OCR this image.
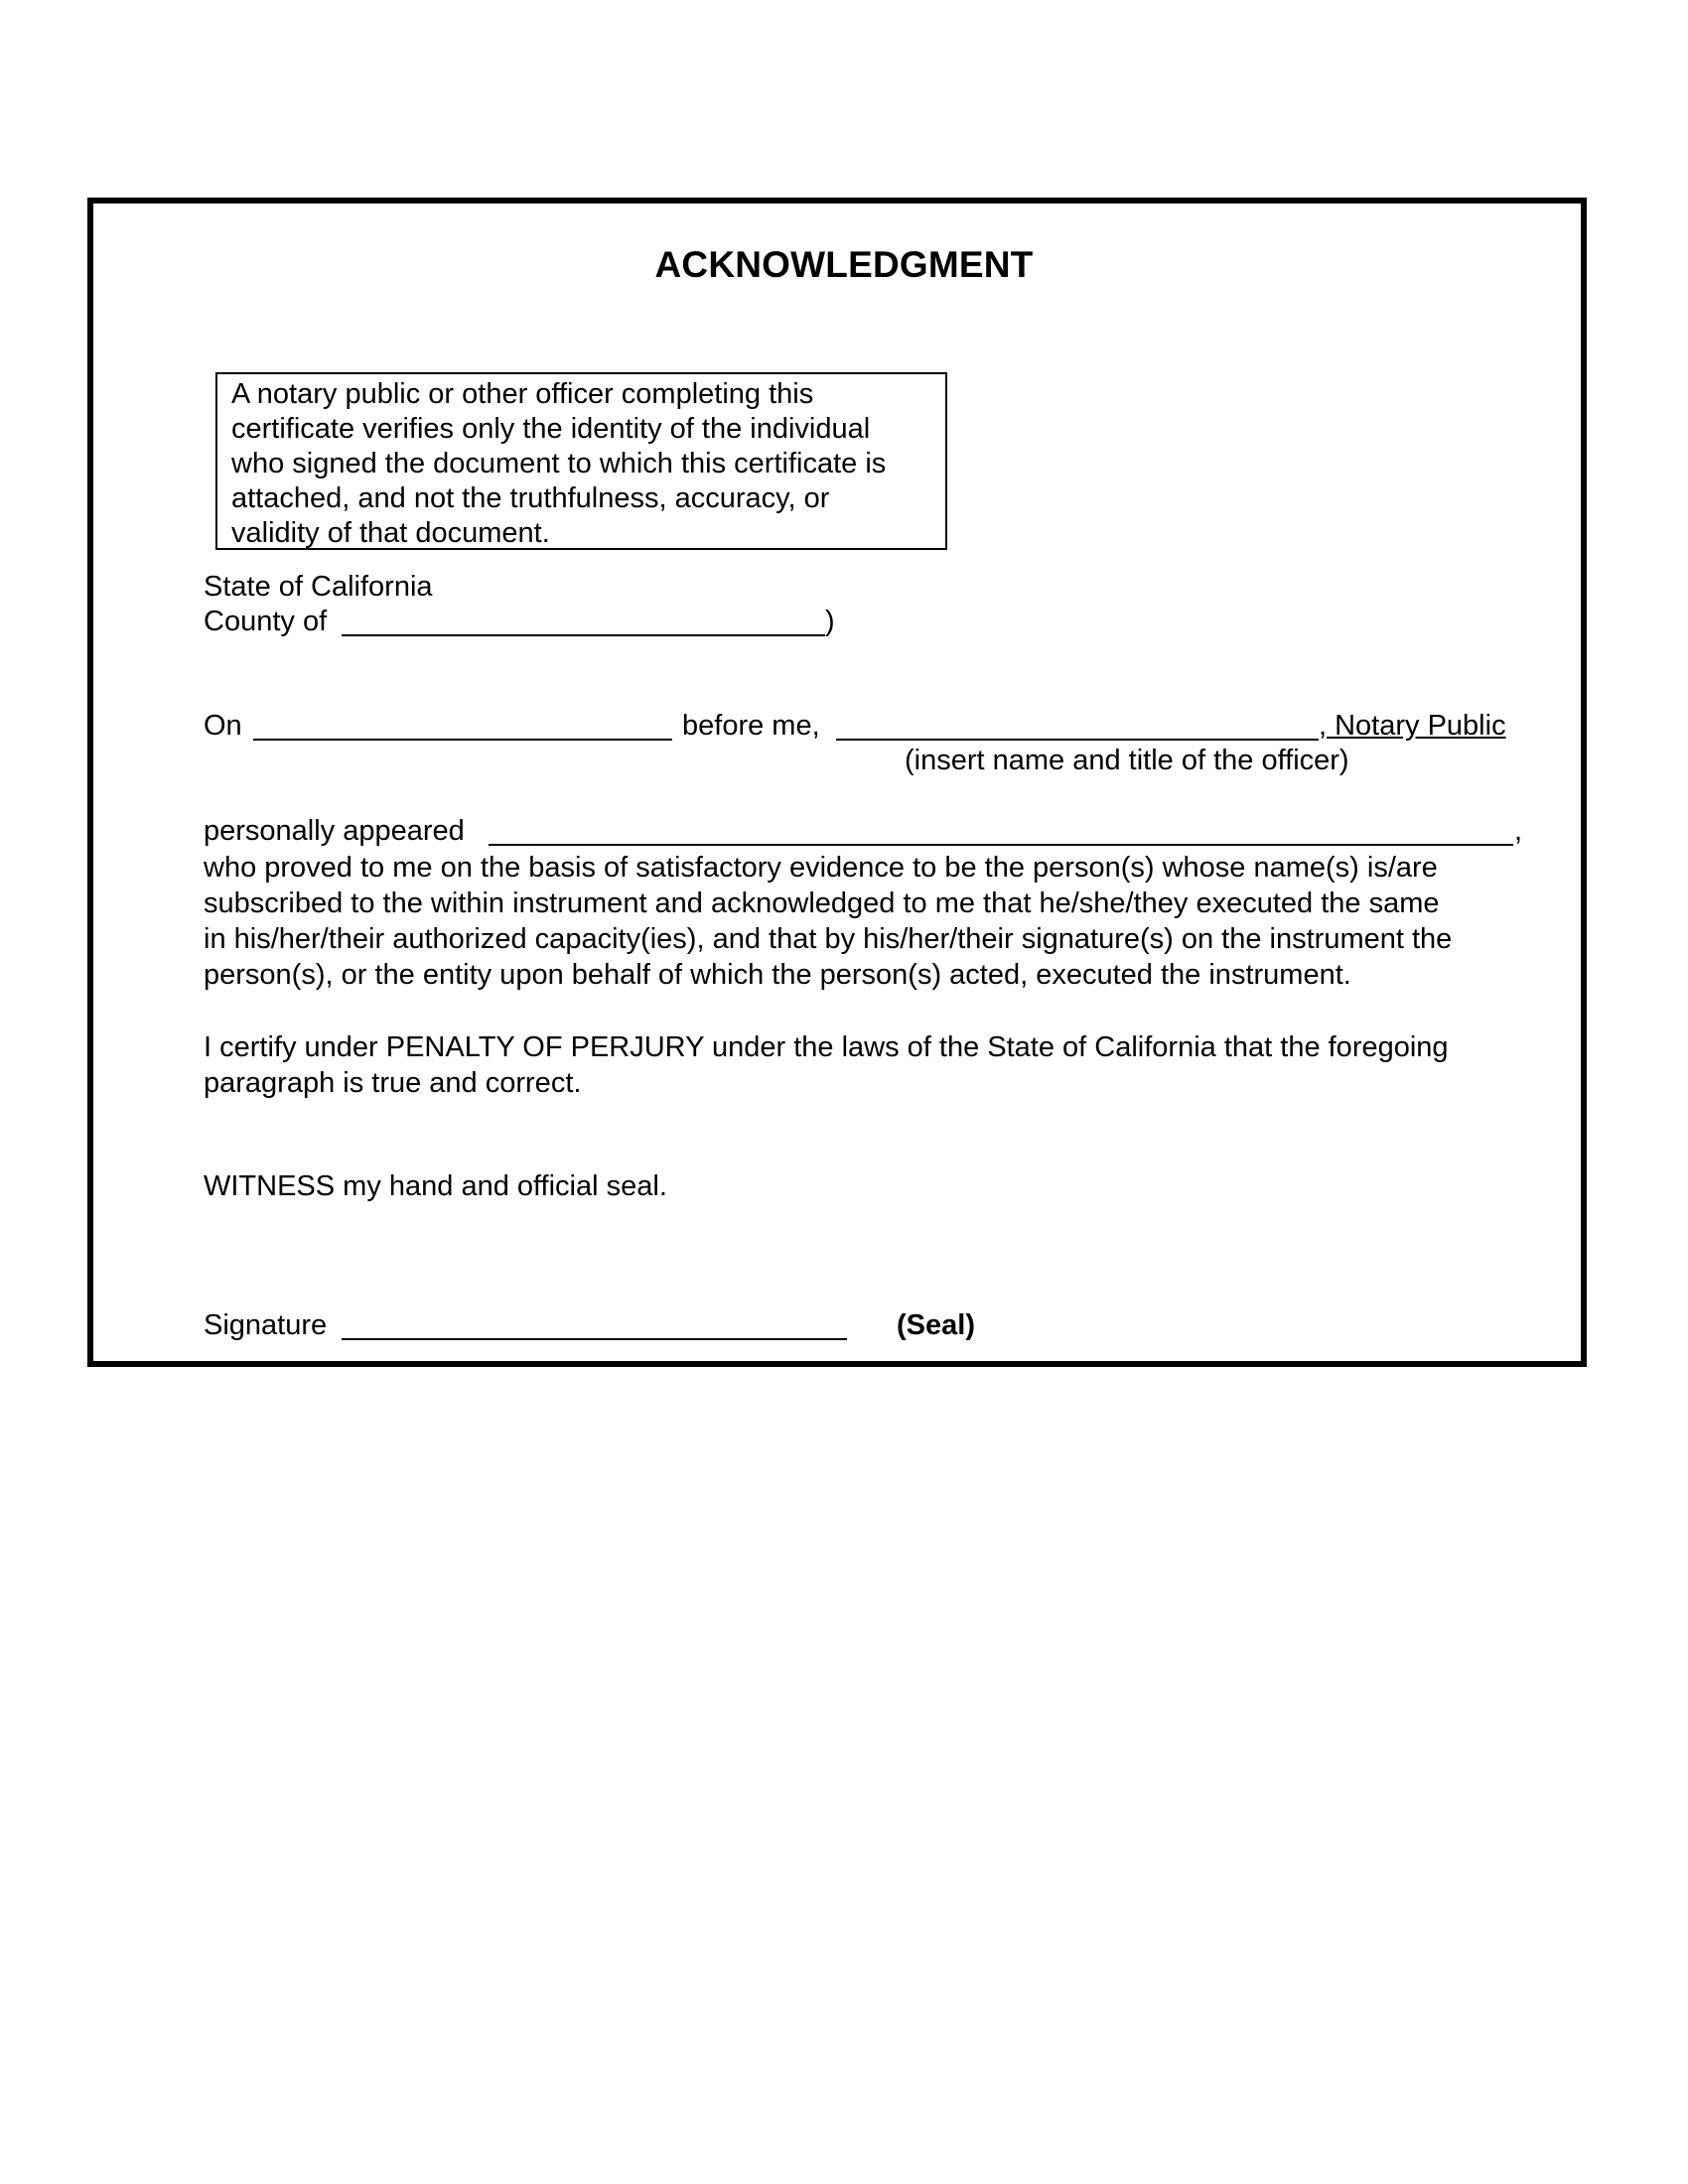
ACKNOWLEDGMENT
A notary public or other officer completing this
certificate verifies only the identity of the individual
who signed the document to which this certificate is
attached, and not the truthfulness, accuracy, or
validity of that document.
State of California
County of	)
On	before me,	, Notary Public
(insert name and title of the officer)
personally appeared	,
who proved to me on the basis of satisfactory evidence to be the person(s) whose name(s) is/are
subscribed to the within instrument and acknowledged to me that he/she/they executed the same
in his/her/their authorized capacity(ies), and that by his/her/their signature(s) on the instrument the
person(s), or the entity upon behalf of which the person(s) acted, executed the instrument.
I certify under PENALTY OF PERJURY under the laws of the State of California that the foregoing
paragraph is true and correct.
WITNESS my hand and official seal.
Signature	(Seal)
